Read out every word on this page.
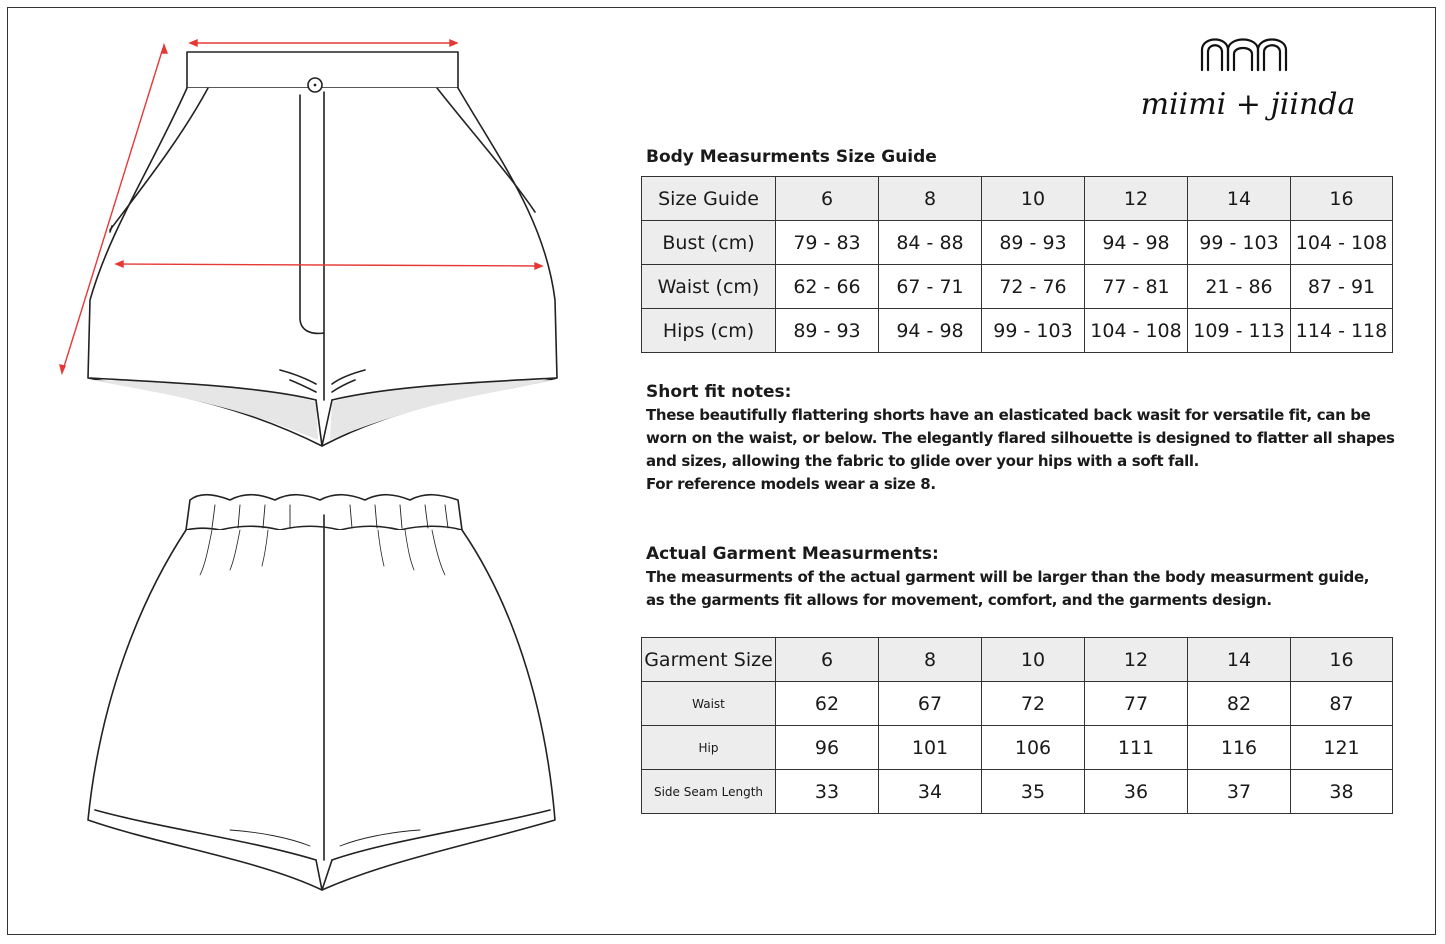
miimi + jiinda
Body Measurments Size Guide
Size Guide	6	8	10	12	14	16
Bust (cm)	79 - 83	84 - 88	89 - 93	94 - 98	99 - 103	104 - 108
Waist (cm)	62 - 66	67 - 71	72 - 76	77 - 81	21 - 86	87 - 91
Hips (cm)	89 - 93	94 - 98	99 - 103	104 - 108	109 - 113	114 - 118
Short fit notes:
These beautifully flattering shorts have an elasticated back wasit for versatile fit, can be
worn on the waist, or below. The elegantly flared silhouette is designed to flatter all shapes
and sizes, allowing the fabric to glide over your hips with a soft fall.
For reference models wear a size 8.
Actual Garment Measurments:
The measurments of the actual garment will be larger than the body measurment guide,
as the garments fit allows for movement, comfort, and the garments design.
Garment Size	6	8	10	12	14	16
Waist	62	67	72	77	82	87
Hip	96	101	106	111	116	121
Side Seam Length	33	34	35	36	37	38
